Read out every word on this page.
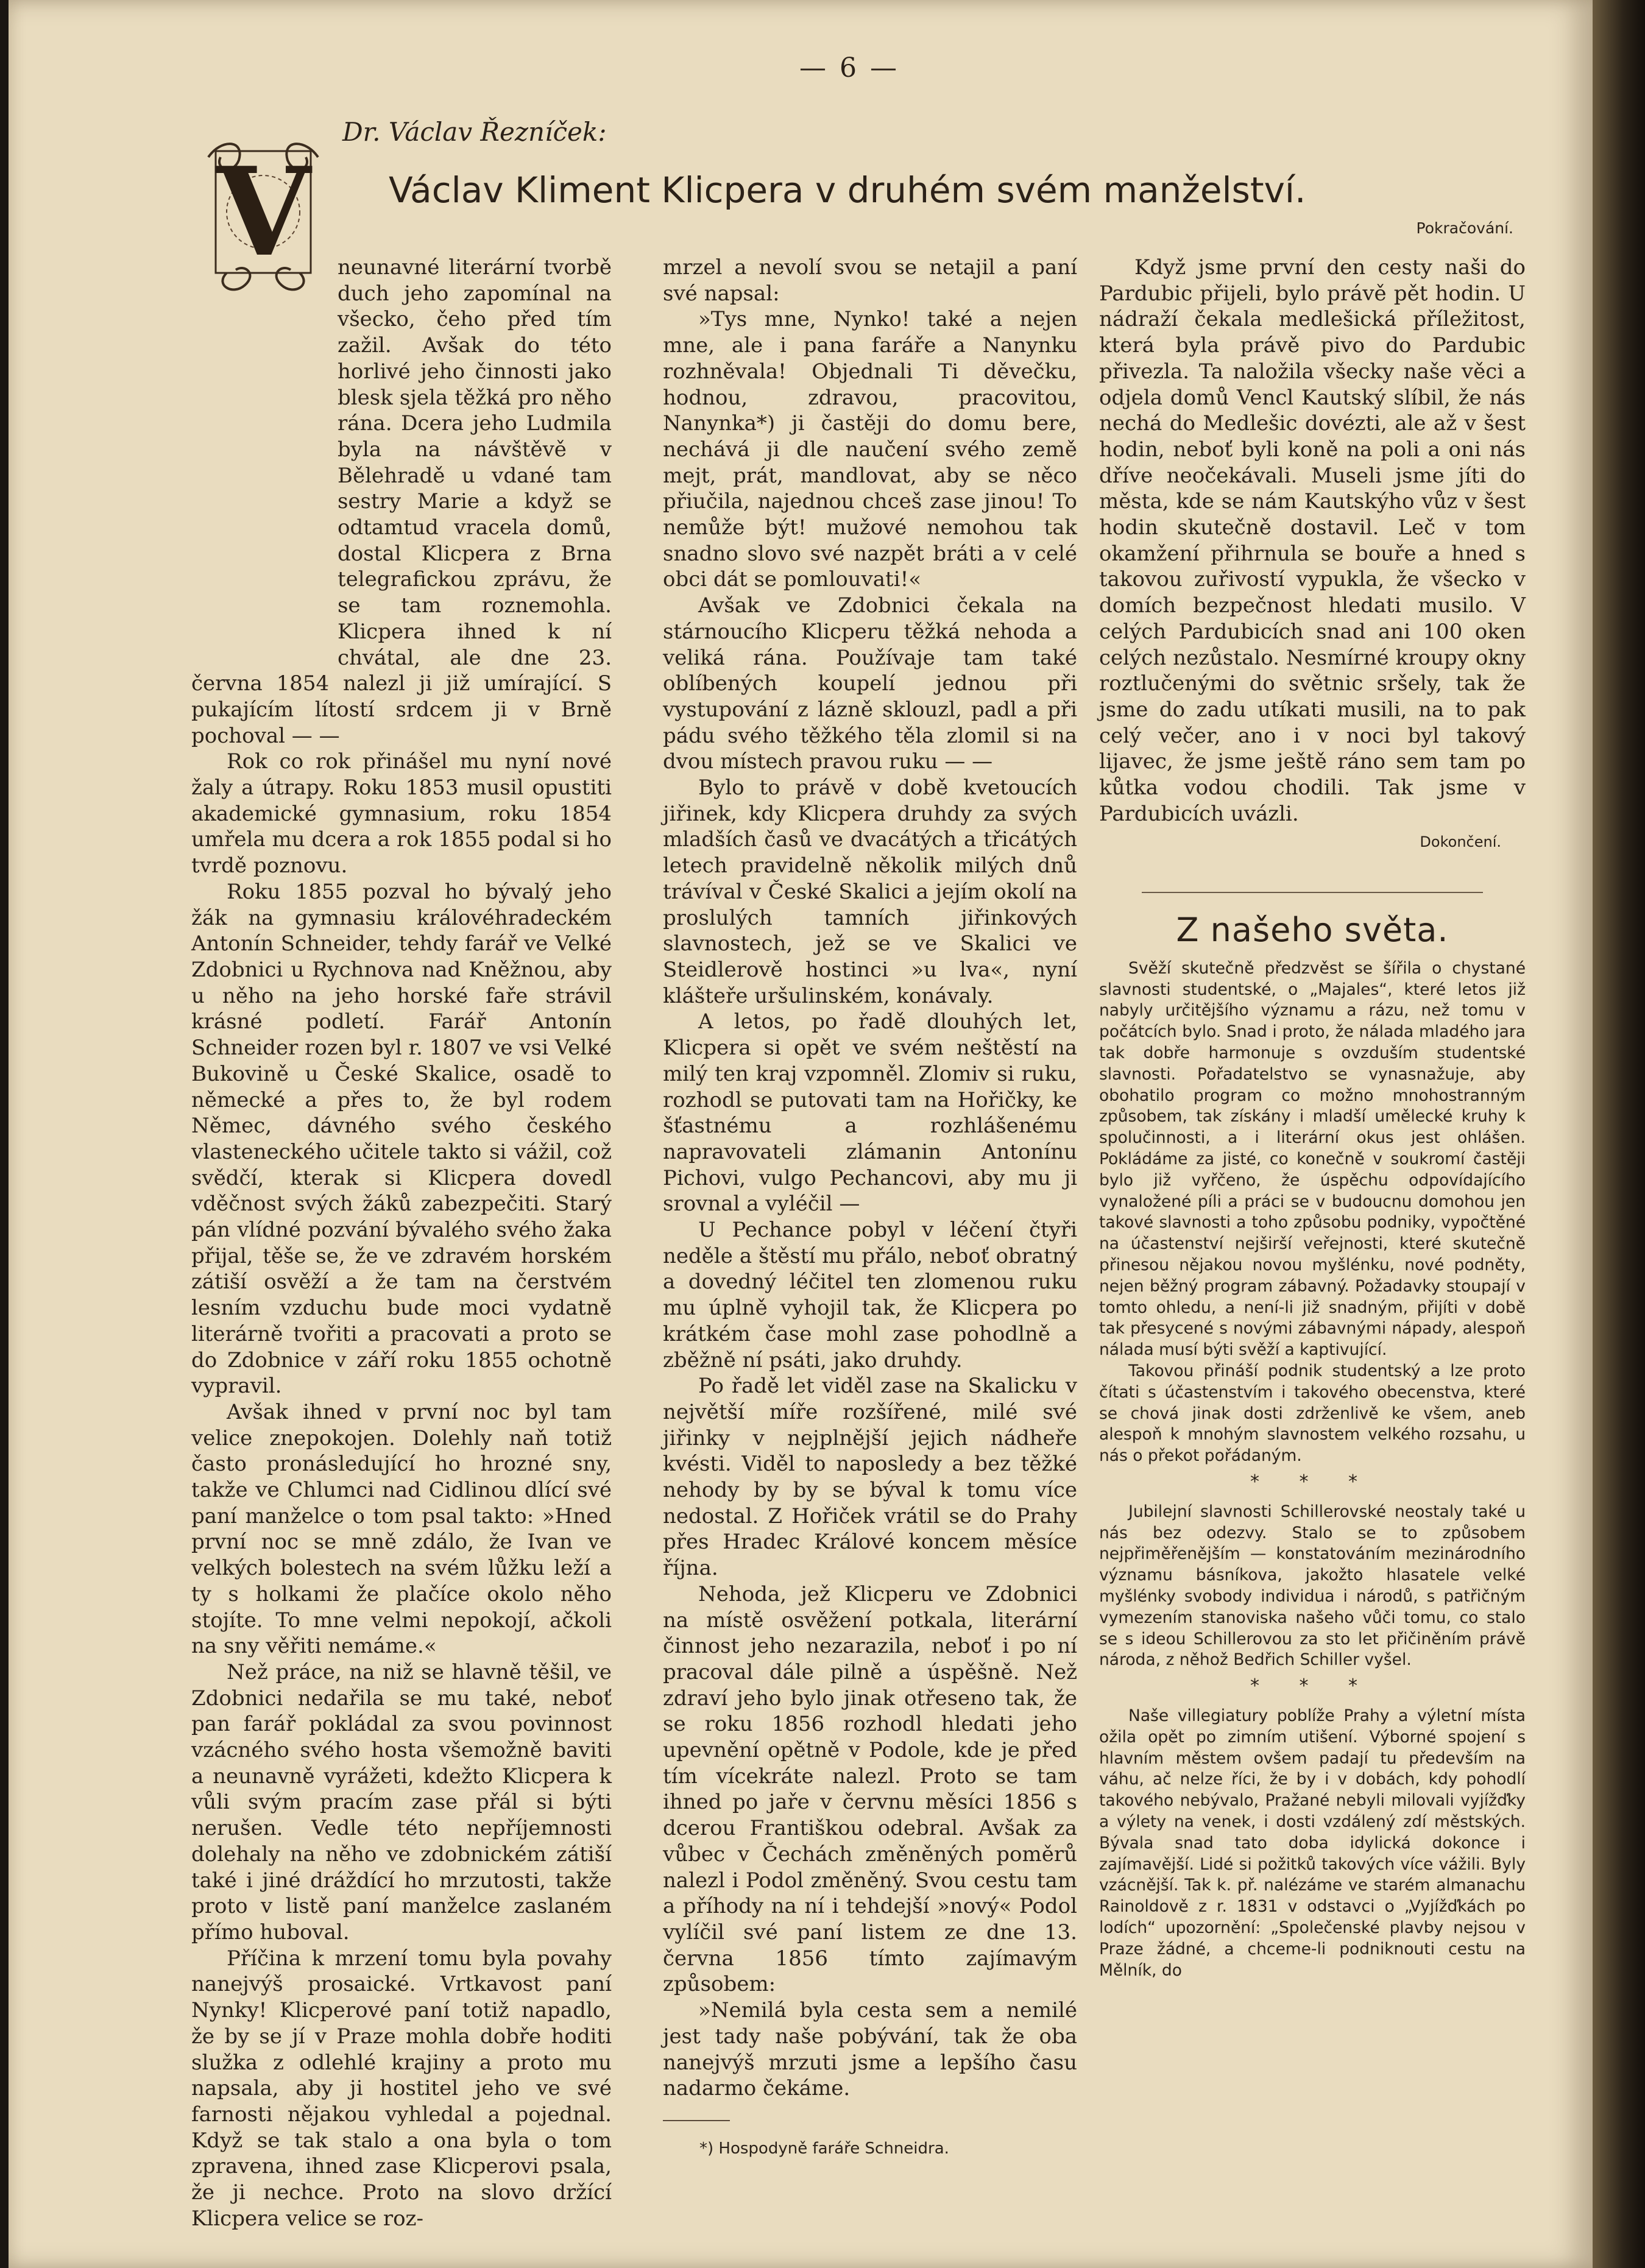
— 6 —
Dr. Václav Řezníček:
Václav Kliment Klicpera v druhém svém manželství.
Pokračování.
V	neunavné literární tvorbě duch jeho zapomínal na všecko, čeho před tím zažil. Avšak do této horlivé jeho činnosti jako blesk sjela těžká pro něho rána. Dcera jeho Ludmila byla na návštěvě v Bělehradě u vdané tam sestry Marie a když se odtamtud vracela domů, dostal Klicpera z Brna telegrafickou zprávu, že se tam roznemohla. Klicpera ihned k ní chvátal, ale dne 23. června 1854 nalezl ji již umírající. S pukajícím lítostí srdcem ji v Brně pochoval — —

Rok co rok přinášel mu nyní nové žaly a útrapy. Roku 1853 musil opustiti akademické gymnasium, roku 1854 umřela mu dcera a rok 1855 podal si ho tvrdě poznovu.

Roku 1855 pozval ho bývalý jeho žák na gymnasiu královéhradeckém Antonín Schneider, tehdy farář ve Velké Zdobnici u Rychnova nad Kněžnou, aby u něho na jeho horské faře strávil krásné podletí. Farář Antonín Schneider rozen byl r. 1807 ve vsi Velké Bukovině u České Skalice, osadě to německé a přes to, že byl rodem Němec, dávného svého českého vlasteneckého učitele takto si vážil, což svědčí, kterak si Klicpera dovedl vděčnost svých žáků zabezpečiti. Starý pán vlídné pozvání bývalého svého žaka přijal, těše se, že ve zdravém horském zátiší osvěží a že tam na čerstvém lesním vzduchu bude moci vydatně literárně tvořiti a pracovati a proto se do Zdobnice v září roku 1855 ochotně vypravil.

Avšak ihned v první noc byl tam velice znepokojen. Dolehly naň totiž často pronásledující ho hrozné sny, takže ve Chlumci nad Cidlinou dlící své paní manželce o tom psal takto: »Hned první noc se mně zdálo, že Ivan ve velkých bolestech na svém lůžku leží a ty s holkami že plačíce okolo něho stojíte. To mne velmi nepokojí, ačkoli na sny věřiti nemáme.«

Než práce, na niž se hlavně těšil, ve Zdobnici nedařila se mu také, neboť pan farář pokládal za svou povinnost vzácného svého hosta všemožně baviti a neunavně vyrážeti, kdežto Klicpera k vůli svým pracím zase přál si býti nerušen. Vedle této nepříjemnosti dolehaly na něho ve zdobnickém zátiší také i jiné dráždící ho mrzutosti, takže proto v listě paní manželce zaslaném přímo huboval.

Příčina k mrzení tomu byla povahy nanejvýš prosaické. Vrtkavost paní Nynky! Klicperové paní totiž napadlo, že by se jí v Praze mohla dobře hoditi služka z odlehlé krajiny a proto mu napsala, aby ji hostitel jeho ve své farnosti nějakou vyhledal a pojednal. Když se tak stalo a ona byla o tom zpravena, ihned zase Klicperovi psala, že ji nechce. Proto na slovo držící Klicpera velice se roz-

mrzel a nevolí svou se netajil a paní své napsal:

»Tys mne, Nynko! také a nejen mne, ale i pana faráře a Nanynku rozhněvala! Objednali Ti děvečku, hodnou, zdravou, pracovitou, Nanynka*) ji častěji do domu bere, nechává ji dle naučení svého země mejt, prát, mandlovat, aby se něco přiučila, najednou chceš zase jinou! To nemůže být! mužové nemohou tak snadno slovo své nazpět bráti a v celé obci dát se pomlouvati!«

Avšak ve Zdobnici čekala na stárnoucího Klicperu těžká nehoda a veliká rána. Používaje tam také oblíbených koupelí jednou při vystupování z lázně sklouzl, padl a při pádu svého těžkého těla zlomil si na dvou místech pravou ruku — —

Bylo to právě v době kvetoucích jiřinek, kdy Klicpera druhdy za svých mladších časů ve dvacátých a třicátých letech pravidelně několik milých dnů trávíval v České Skalici a jejím okolí na proslulých tamních jiřinkových slavnostech, jež se ve Skalici ve Steidlerově hostinci »u lva«, nyní klášteře uršulinském, konávaly.

A letos, po řadě dlouhých let, Klicpera si opět ve svém neštěstí na milý ten kraj vzpomněl. Zlomiv si ruku, rozhodl se putovati tam na Hořičky, ke šťastnému a rozhlášenému napravovateli zlámanin Antonínu Pichovi, vulgo Pechancovi, aby mu ji srovnal a vyléčil —

U Pechance pobyl v léčení čtyři neděle a štěstí mu přálo, neboť obratný a dovedný léčitel ten zlomenou ruku mu úplně vyhojil tak, že Klicpera po krátkém čase mohl zase pohodlně a zběžně ní psáti, jako druhdy.

Po řadě let viděl zase na Skalicku v největší míře rozšířené, milé své jiřinky v nejplnější jejich nádheře kvésti. Viděl to naposledy a bez těžké nehody by by se býval k tomu více nedostal. Z Hořiček vrátil se do Prahy přes Hradec Králové koncem měsíce října.

Nehoda, jež Klicperu ve Zdobnici na místě osvěžení potkala, literární činnost jeho nezarazila, neboť i po ní pracoval dále pilně a úspěšně. Než zdraví jeho bylo jinak otřeseno tak, že se roku 1856 rozhodl hledati jeho upevnění opětně v Podole, kde je před tím vícekráte nalezl. Proto se tam ihned po jaře v červnu měsíci 1856 s dcerou Františkou odebral. Avšak za vůbec v Čechách změněných poměrů nalezl i Podol změněný. Svou cestu tam a příhody na ní i tehdejší »nový« Podol vylíčil své paní listem ze dne 13. června 1856 tímto zajímavým způsobem:

»Nemilá byla cesta sem a nemilé jest tady naše pobývání, tak že oba nanejvýš mrzuti jsme a lepšího času nadarmo čekáme.

*) Hospodyně faráře Schneidra.

Když jsme první den cesty naši do Pardubic přijeli, bylo právě pět hodin. U nádraží čekala medlešická příležitost, která byla právě pivo do Pardubic přivezla. Ta naložila všecky naše věci a odjela domů Vencl Kautský slíbil, že nás nechá do Medlešic dovézti, ale až v šest hodin, neboť byli koně na poli a oni nás dříve neočekávali. Museli jsme jíti do města, kde se nám Kautskýho vůz v šest hodin skutečně dostavil. Leč v tom okamžení přihrnula se bouře a hned s takovou zuřivostí vypukla, že všecko v domích bezpečnost hledati musilo. V celých Pardubicích snad ani 100 oken celých nezůstalo. Nesmírné kroupy okny roztlučenými do světnic sršely, tak že jsme do zadu utíkati musili, na to pak celý večer, ano i v noci byl takový lijavec, že jsme ještě ráno sem tam po kůtka vodou chodili. Tak jsme v Pardubicích uvázli.

Dokončení.
Z našeho světa.

Svěží skutečně předzvěst se šířila o chystané slavnosti studentské, o „Majales“, které letos již nabyly určitějšího významu a rázu, než tomu v počátcích bylo. Snad i proto, že nálada mladého jara tak dobře harmonuje s ovzduším studentské slavnosti. Pořadatelstvo se vynasnažuje, aby obohatilo program co možno mnohostranným způsobem, tak získány i mladší umělecké kruhy k spolučinnosti, a i literární okus jest ohlášen. Pokládáme za jisté, co konečně v soukromí častěji bylo již vyřčeno, že úspěchu odpovídajícího vynaložené píli a práci se v budoucnu domohou jen takové slavnosti a toho způsobu podniky, vypočtěné na účastenství nejširší veřejnosti, které skutečně přinesou nějakou novou myšlénku, nové podněty, nejen běžný program zábavný. Požadavky stoupají v tomto ohledu, a není-li již snadným, přijíti v době tak přesycené s novými zábavnými nápady, alespoň nálada musí býti svěží a kaptivující.

Takovou přináší podnik studentský a lze proto čítati s účastenstvím i takového obecenstva, které se chová jinak dosti zdrženlivě ke všem, aneb alespoň k mnohým slavnostem velkého rozsahu, u nás o překot pořádaným.

* * *

Jubilejní slavnosti Schillerovské neostaly také u nás bez odezvy. Stalo se to způsobem nejpřiměřenějším — konstatováním mezinárodního významu básníkova, jakožto hlasatele velké myšlénky svobody individua i národů, s patřičným vymezením stanoviska našeho vůči tomu, co stalo se s ideou Schillerovou za sto let přičiněním právě národa, z něhož Bedřich Schiller vyšel.

* * *

Naše villegiatury poblíže Prahy a výletní místa ožila opět po zimním utišení. Výborné spojení s hlavním městem ovšem padají tu především na váhu, ač nelze říci, že by i v dobách, kdy pohodlí takového nebývalo, Pražané nebyli milovali vyjížďky a výlety na venek, i dosti vzdálený zdí městských. Bývala snad tato doba idylická dokonce i zajímavější. Lidé si požitků takových více vážili. Byly vzácnější. Tak k. př. nalézáme ve starém almanachu Rainoldově z r. 1831 v odstavci o „Vyjížďkách po lodích“ upozornění: „Společenské plavby nejsou v Praze žádné, a chceme-li podniknouti cestu na Mělník, do
